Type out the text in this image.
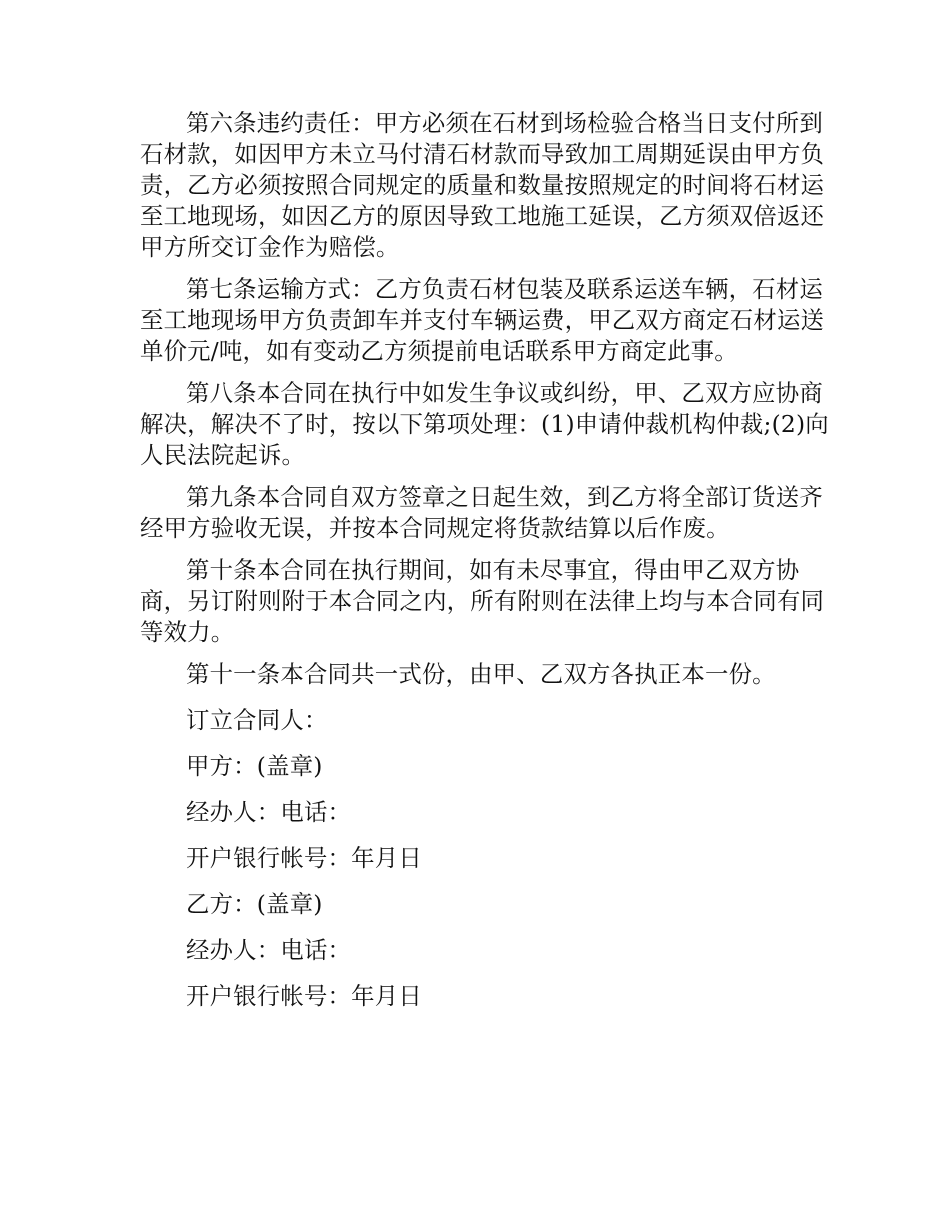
第六条违约责任：甲方必须在石材到场检验合格当日支付所到石材款，如因甲方未立马付清石材款而导致加工周期延误由甲方负责，乙方必须按照合同规定的质量和数量按照规定的时间将石材运至工地现场，如因乙方的原因导致工地施工延误，乙方须双倍返还甲方所交订金作为赔偿。

第七条运输方式：乙方负责石材包装及联系运送车辆，石材运至工地现场甲方负责卸车并支付车辆运费，甲乙双方商定石材运送单价元/吨，如有变动乙方须提前电话联系甲方商定此事。

第八条本合同在执行中如发生争议或纠纷，甲、乙双方应协商解决，解决不了时，按以下第项处理：(1)申请仲裁机构仲裁;(2)向人民法院起诉。

第九条本合同自双方签章之日起生效，到乙方将全部订货送齐经甲方验收无误，并按本合同规定将货款结算以后作废。

第十条本合同在执行期间，如有未尽事宜，得由甲乙双方协商，另订附则附于本合同之内，所有附则在法律上均与本合同有同等效力。

第十一条本合同共一式份，由甲、乙双方各执正本一份。

订立合同人：

甲方：(盖章)

经办人：电话：

开户银行帐号：年月日

乙方：(盖章)

经办人：电话：

开户银行帐号：年月日
